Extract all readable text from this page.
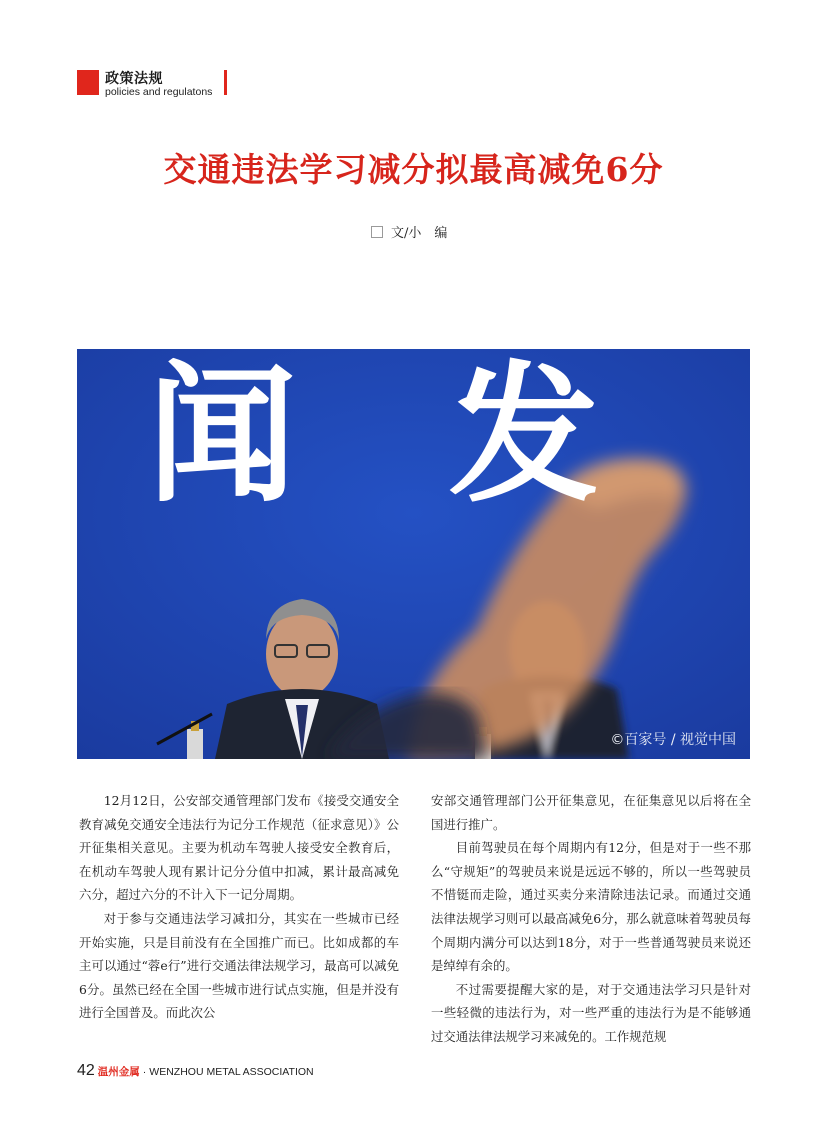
政策法规
policies and regulatons
交通违法学习减分拟最高减免6分
文/小　编
闻 发
©百家号 / 视觉中国

12月12日，公安部交通管理部门发布《接受交通安全教育减免交通安全违法行为记分工作规范（征求意见）》公开征集相关意见。主要为机动车驾驶人接受安全教育后，在机动车驾驶人现有累计记分分值中扣减，累计最高减免六分，超过六分的不计入下一记分周期。

对于参与交通违法学习减扣分，其实在一些城市已经开始实施，只是目前没有在全国推广而已。比如成都的车主可以通过“蓉e行”进行交通法律法规学习，最高可以减免6分。虽然已经在全国一些城市进行试点实施，但是并没有进行全国普及。而此次公

安部交通管理部门公开征集意见，在征集意见以后将在全国进行推广。

目前驾驶员在每个周期内有12分，但是对于一些不那么“守规矩”的驾驶员来说是远远不够的，所以一些驾驶员不惜铤而走险，通过买卖分来清除违法记录。而通过交通法律法规学习则可以最高减免6分，那么就意味着驾驶员每个周期内满分可以达到18分，对于一些普通驾驶员来说还是绰绰有余的。

不过需要提醒大家的是，对于交通违法学习只是针对一些轻微的违法行为，对一些严重的违法行为是不能够通过交通法律法规学习来减免的。工作规范规

42 温州金属 · WENZHOU METAL ASSOCIATION
